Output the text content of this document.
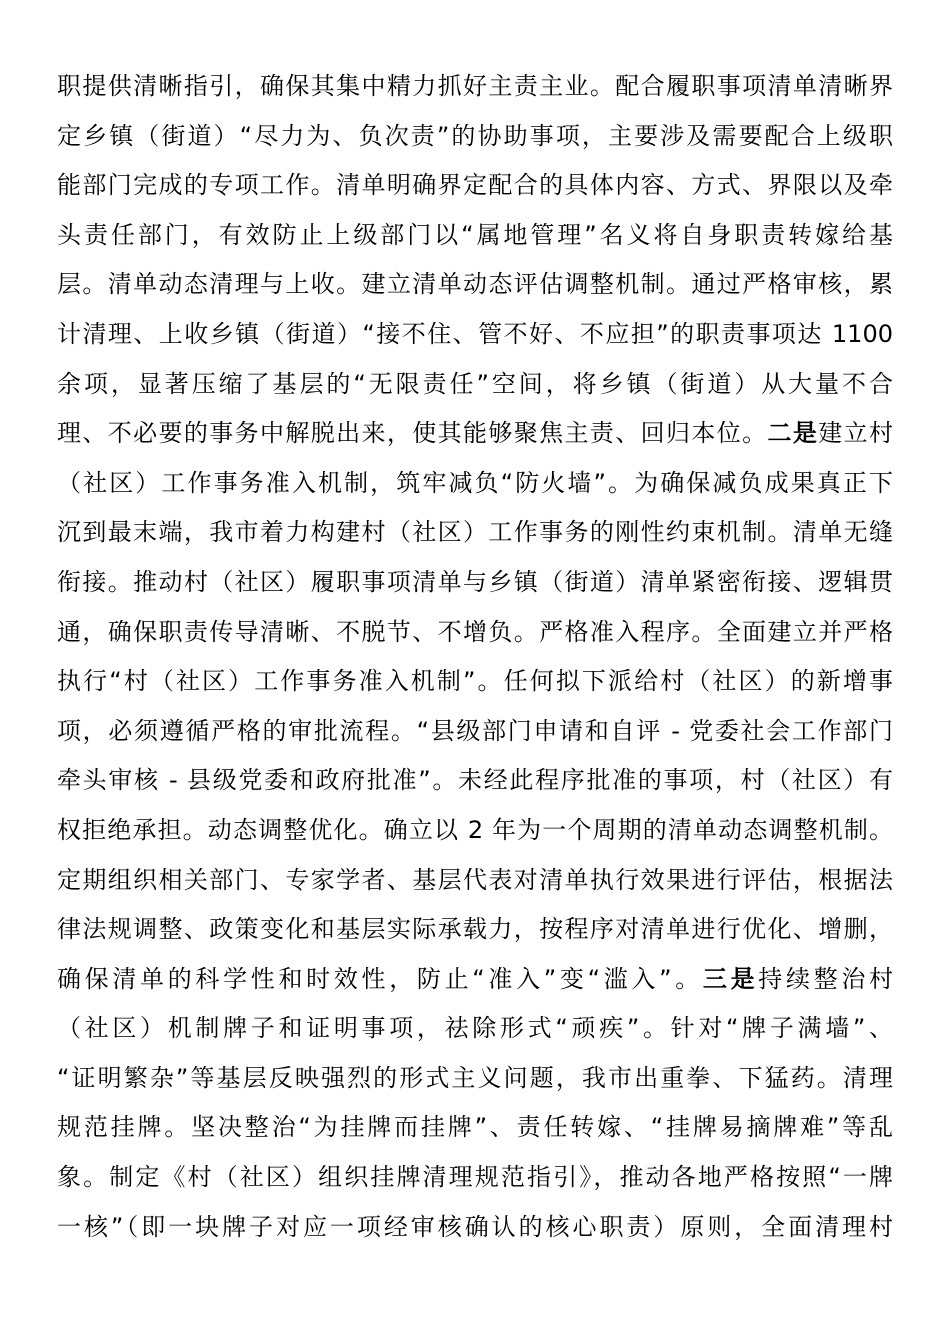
职提供清晰指引，确保其集中精力抓好主责主业。配合履职事项清单清晰界
定乡镇（街道）“尽力为、负次责”的协助事项，主要涉及需要配合上级职
能部门完成的专项工作。清单明确界定配合的具体内容、方式、界限以及牵
头责任部门，有效防止上级部门以“属地管理”名义将自身职责转嫁给基
层。清单动态清理与上收。建立清单动态评估调整机制。通过严格审核，累
计清理、上收乡镇（街道）“接不住、管不好、不应担”的职责事项达 1100
余项，显著压缩了基层的“无限责任”空间，将乡镇（街道）从大量不合
理、不必要的事务中解脱出来，使其能够聚焦主责、回归本位。二是建立村
（社区）工作事务准入机制，筑牢减负“防火墙”。为确保减负成果真正下
沉到最末端，我市着力构建村（社区）工作事务的刚性约束机制。清单无缝
衔接。推动村（社区）履职事项清单与乡镇（街道）清单紧密衔接、逻辑贯
通，确保职责传导清晰、不脱节、不增负。严格准入程序。全面建立并严格
执行“村（社区）工作事务准入机制”。任何拟下派给村（社区）的新增事
项，必须遵循严格的审批流程。“县级部门申请和自评 - 党委社会工作部门
牵头审核 - 县级党委和政府批准”。未经此程序批准的事项，村（社区）有
权拒绝承担。动态调整优化。确立以 2 年为一个周期的清单动态调整机制。
定期组织相关部门、专家学者、基层代表对清单执行效果进行评估，根据法
律法规调整、政策变化和基层实际承载力，按程序对清单进行优化、增删，
确保清单的科学性和时效性，防止“准入”变“滥入”。三是持续整治村
（社区）机制牌子和证明事项，祛除形式“顽疾”。针对“牌子满墙”、
“证明繁杂”等基层反映强烈的形式主义问题，我市出重拳、下猛药。清理
规范挂牌。坚决整治“为挂牌而挂牌”、责任转嫁、“挂牌易摘牌难”等乱
象。制定《村（社区）组织挂牌清理规范指引》，推动各地严格按照“一牌
一核”（即一块牌子对应一项经审核确认的核心职责）原则，全面清理村
